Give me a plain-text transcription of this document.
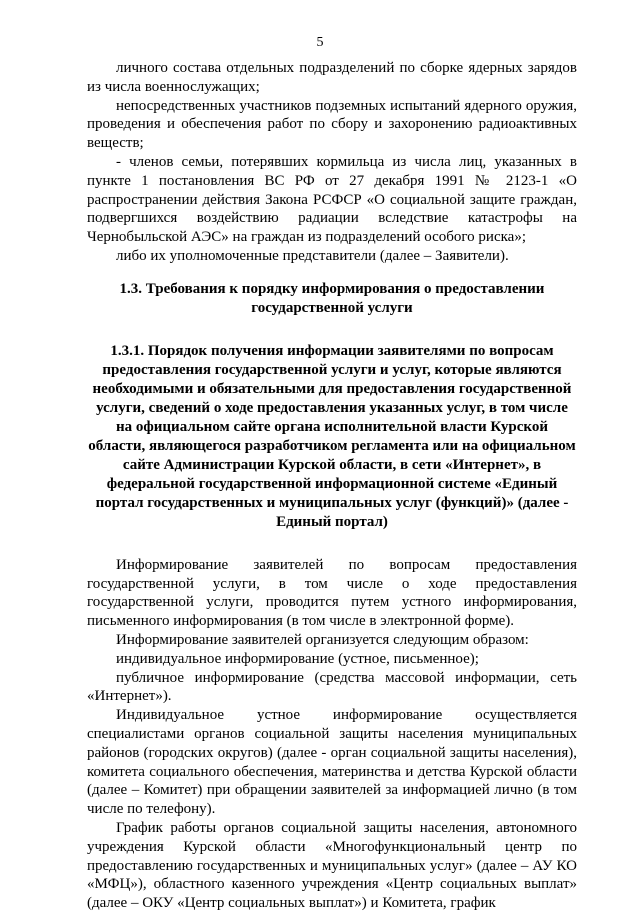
5

личного состава отдельных подразделений по сборке ядерных зарядов из числа военнослужащих;

непосредственных участников подземных испытаний ядерного оружия, проведения и обеспечения работ по сбору и захоронению радиоактивных веществ;

- членов семьи, потерявших кормильца из числа лиц, указанных в пункте 1 постановления ВС РФ от 27 декабря 1991 № 2123-1 «О распространении действия Закона РСФСР «О социальной защите граждан, подвергшихся воздействию радиации вследствие катастрофы на Чернобыльской АЭС» на граждан из подразделений особого риска»;

либо их уполномоченные представители (далее – Заявители).

1.3. Требования к порядку информирования о предоставлении государственной услуги

1.3.1. Порядок получения информации заявителями по вопросам предоставления государственной услуги и услуг, которые являются необходимыми и обязательными для предоставления государственной услуги, сведений о ходе предоставления указанных услуг, в том числе на официальном сайте органа исполнительной власти Курской области, являющегося разработчиком регламента или на официальном сайте Администрации Курской области, в сети «Интернет», в федеральной государственной информационной системе «Единый портал государственных и муниципальных услуг (функций)» (далее - Единый портал)

Информирование заявителей по вопросам предоставления государственной услуги, в том числе о ходе предоставления государственной услуги, проводится путем устного информирования, письменного информирования (в том числе в электронной форме).

Информирование заявителей организуется следующим образом:

индивидуальное информирование (устное, письменное);

публичное информирование (средства массовой информации, сеть «Интернет»).

Индивидуальное устное информирование осуществляется специалистами органов социальной защиты населения муниципальных районов (городских округов) (далее - орган социальной защиты населения), комитета социального обеспечения, материнства и детства Курской области (далее – Комитет) при обращении заявителей за информацией лично (в том числе по телефону).

График работы органов социальной защиты населения, автономного учреждения Курской области «Многофункциональный центр по предоставлению государственных и муниципальных услуг» (далее – АУ КО «МФЦ»), областного казенного учреждения «Центр социальных выплат» (далее – ОКУ «Центр социальных выплат») и Комитета, график
